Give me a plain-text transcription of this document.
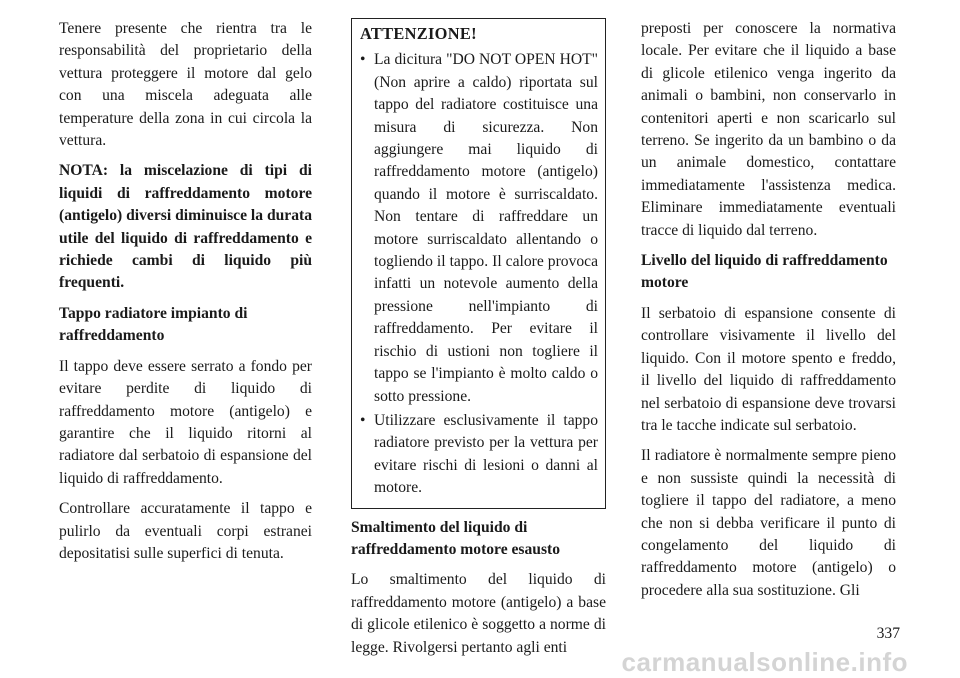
Tenere presente che rientra tra le responsabilità del proprietario della vettura proteggere il motore dal gelo con una miscela adeguata alle temperature della zona in cui circola la vettura.

NOTA: la miscelazione di tipi di liquidi di raffreddamento motore (antigelo) diversi diminuisce la durata utile del liquido di raffreddamento e richiede cambi di liquido più frequenti.

Tappo radiatore impianto di raffreddamento

Il tappo deve essere serrato a fondo per evitare perdite di liquido di raffreddamento motore (antigelo) e garantire che il liquido ritorni al radiatore dal serbatoio di espansione del liquido di raffreddamento.

Controllare accuratamente il tappo e pulirlo da eventuali corpi estranei depositatisi sulle superfici di tenuta.

ATTENZIONE!
• La dicitura "DO NOT OPEN HOT" (Non aprire a caldo) riportata sul tappo del radiatore costituisce una misura di sicurezza. Non aggiungere mai liquido di raffreddamento motore (antigelo) quando il motore è surriscaldato. Non tentare di raffreddare un motore surriscaldato allentando o togliendo il tappo. Il calore provoca infatti un notevole aumento della pressione nell'impianto di raffreddamento. Per evitare il rischio di ustioni non togliere il tappo se l'impianto è molto caldo o sotto pressione.
• Utilizzare esclusivamente il tappo radiatore previsto per la vettura per evitare rischi di lesioni o danni al motore.
Smaltimento del liquido di raffreddamento motore esausto

Lo smaltimento del liquido di raffreddamento motore (antigelo) a base di glicole etilenico è soggetto a norme di legge. Rivolgersi pertanto agli enti

preposti per conoscere la normativa locale. Per evitare che il liquido a base di glicole etilenico venga ingerito da animali o bambini, non conservarlo in contenitori aperti e non scaricarlo sul terreno. Se ingerito da un bambino o da un animale domestico, contattare immediatamente l'assistenza medica. Eliminare immediatamente eventuali tracce di liquido dal terreno.

Livello del liquido di raffreddamento motore

Il serbatoio di espansione consente di controllare visivamente il livello del liquido. Con il motore spento e freddo, il livello del liquido di raffreddamento nel serbatoio di espansione deve trovarsi tra le tacche indicate sul serbatoio.

Il radiatore è normalmente sempre pieno e non sussiste quindi la necessità di togliere il tappo del radiatore, a meno che non si debba verificare il punto di congelamento del liquido di raffreddamento motore (antigelo) o procedere alla sua sostituzione. Gli

337
carmanualsonline.info
